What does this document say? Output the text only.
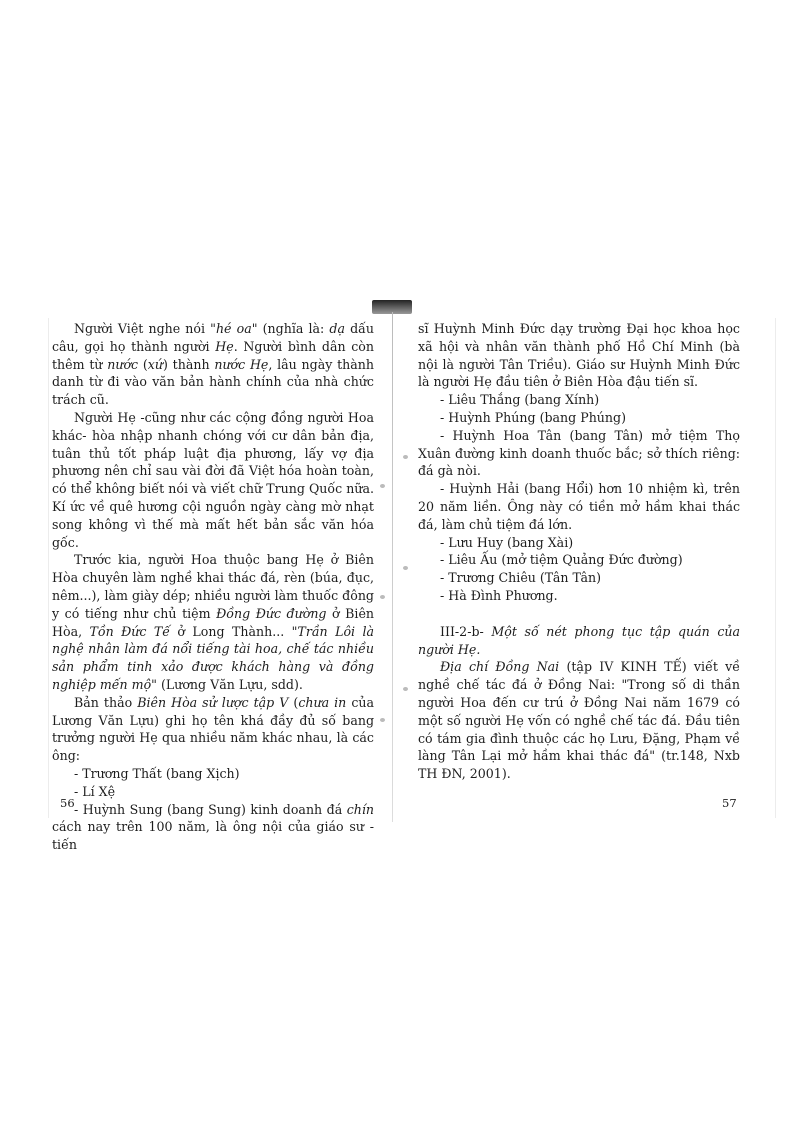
Người Việt nghe nói "hé oa" (nghĩa là: dạ dấu câu, gọi họ thành người Hẹ. Người bình dân còn thêm từ nước (xứ) thành nước Hẹ, lâu ngày thành danh từ đi vào văn bản hành chính của nhà chức trách cũ.

Người Hẹ -cũng như các cộng đồng người Hoa khác- hòa nhập nhanh chóng với cư dân bản địa, tuân thủ tốt pháp luật địa phương, lấy vợ địa phương nên chỉ sau vài đời đã Việt hóa hoàn toàn, có thể không biết nói và viết chữ Trung Quốc nữa. Kí ức về quê hương cội nguồn ngày càng mờ nhạt song không vì thế mà mất hết bản sắc văn hóa gốc.

Trước kia, người Hoa thuộc bang Hẹ ở Biên Hòa chuyên làm nghề khai thác đá, rèn (búa, đục, nêm...), làm giày dép; nhiều người làm thuốc đông y có tiếng như chủ tiệm Đồng Đức đường ở Biên Hòa, Tồn Đức Tế ở Long Thành... "Trần Lôi là nghệ nhân làm đá nổi tiếng tài hoa, chế tác nhiều sản phẩm tinh xảo được khách hàng và đồng nghiệp mến mộ" (Lương Văn Lựu, sdd).

Bản thảo Biên Hòa sử lược tập V (chưa in của Lương Văn Lựu) ghi họ tên khá đầy đủ số bang trưởng người Hẹ qua nhiều năm khác nhau, là các ông:

- Trương Thất (bang Xịch)

- Lí Xệ

- Huỳnh Sung (bang Sung) kinh doanh đá chín cách nay trên 100 năm, là ông nội của giáo sư - tiến

56

sĩ Huỳnh Minh Đức dạy trường Đại học khoa học xã hội và nhân văn thành phố Hồ Chí Minh (bà nội là người Tân Triều). Giáo sư Huỳnh Minh Đức là người Hẹ đầu tiên ở Biên Hòa đậu tiến sĩ.

- Liêu Thắng (bang Xính)

- Huỳnh Phúng (bang Phúng)

- Huỳnh Hoa Tân (bang Tân) mở tiệm Thọ Xuân đường kinh doanh thuốc bắc; sở thích riêng: đá gà nòi.

- Huỳnh Hải (bang Hổi) hơn 10 nhiệm kì, trên 20 năm liền. Ông này có tiền mở hầm khai thác đá, làm chủ tiệm đá lớn.

- Lưu Huy (bang Xài)

- Liêu Ấu (mở tiệm Quảng Đức đường)

- Trương Chiêu (Tân Tân)

- Hà Đình Phương.

III-2-b- Một số nét phong tục tập quán của người Hẹ.

Địa chí Đồng Nai (tập IV KINH TẾ) viết về nghề chế tác đá ở Đồng Nai: "Trong số di thần người Hoa đến cư trú ở Đồng Nai năm 1679 có một số người Hẹ vốn có nghề chế tác đá. Đầu tiên có tám gia đình thuộc các họ Lưu, Đặng, Phạm về làng Tân Lại mở hầm khai thác đá" (tr.148, Nxb TH ĐN, 2001).

57
